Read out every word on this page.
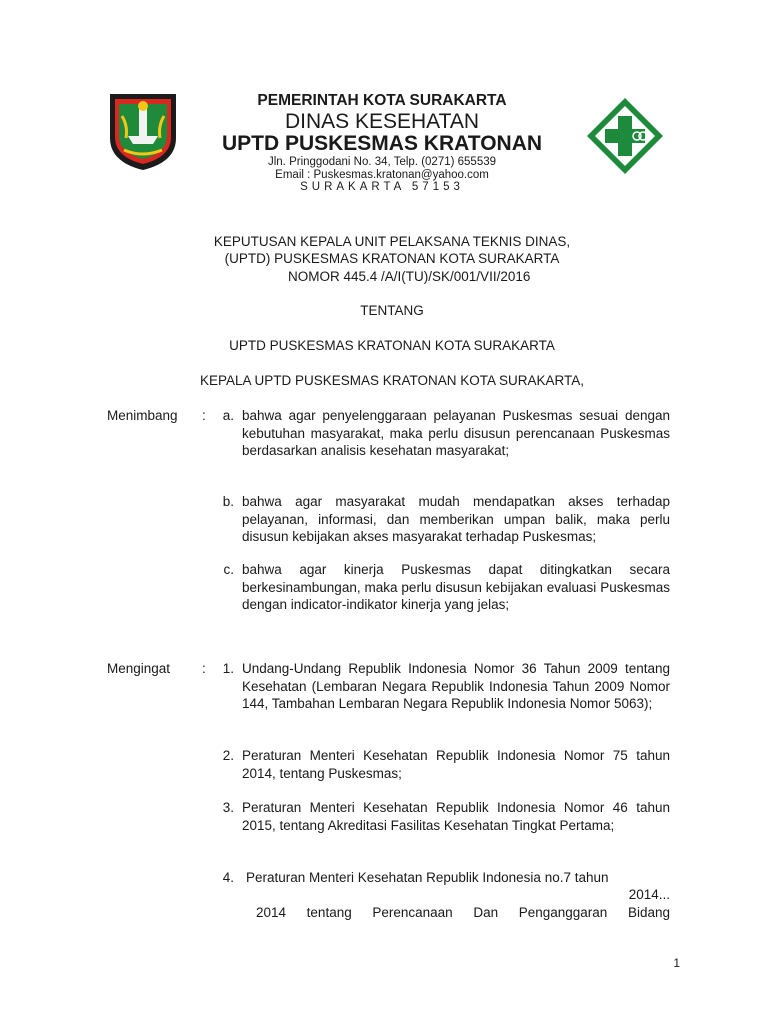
PEMERINTAH KOTA SURAKARTA
DINAS KESEHATAN
UPTD PUSKESMAS KRATONAN
Jln. Pringgodani No. 34, Telp. (0271) 655539
Email : Puskesmas.kratonan@yahoo.com
SURAKARTA 57153
KEPUTUSAN KEPALA UNIT PELAKSANA TEKNIS DINAS,
(UPTD) PUSKESMAS KRATONAN KOTA SURAKARTA
NOMOR 445.4 /A/I(TU)/SK/001/VII/2016
TENTANG
UPTD PUSKESMAS KRATONAN KOTA SURAKARTA
KEPALA UPTD PUSKESMAS KRATONAN KOTA SURAKARTA,
Menimbang :	a. bahwa agar penyelenggaraan pelayanan Puskesmas sesuai dengan kebutuhan masyarakat, maka perlu disusun perencanaan Puskesmas berdasarkan analisis kesehatan masyarakat;
b. bahwa agar masyarakat mudah mendapatkan akses terhadap pelayanan, informasi, dan memberikan umpan balik, maka perlu disusun kebijakan akses masyarakat terhadap Puskesmas;
c. bahwa agar kinerja Puskesmas dapat ditingkatkan secara berkesinambungan, maka perlu disusun kebijakan evaluasi Puskesmas dengan indicator-indikator kinerja yang jelas;
Mengingat :	1. Undang-Undang Republik Indonesia Nomor 36 Tahun 2009 tentang Kesehatan (Lembaran Negara Republik Indonesia Tahun 2009 Nomor 144, Tambahan Lembaran Negara Republik Indonesia Nomor 5063);
2. Peraturan Menteri Kesehatan Republik Indonesia Nomor 75 tahun 2014, tentang Puskesmas;
3. Peraturan Menteri Kesehatan Republik Indonesia Nomor 46 tahun 2015, tentang Akreditasi Fasilitas Kesehatan Tingkat Pertama;
4. Peraturan Menteri Kesehatan Republik Indonesia no.7 tahun
2014...
2014 tentang Perencanaan Dan Penganggaran Bidang
1
